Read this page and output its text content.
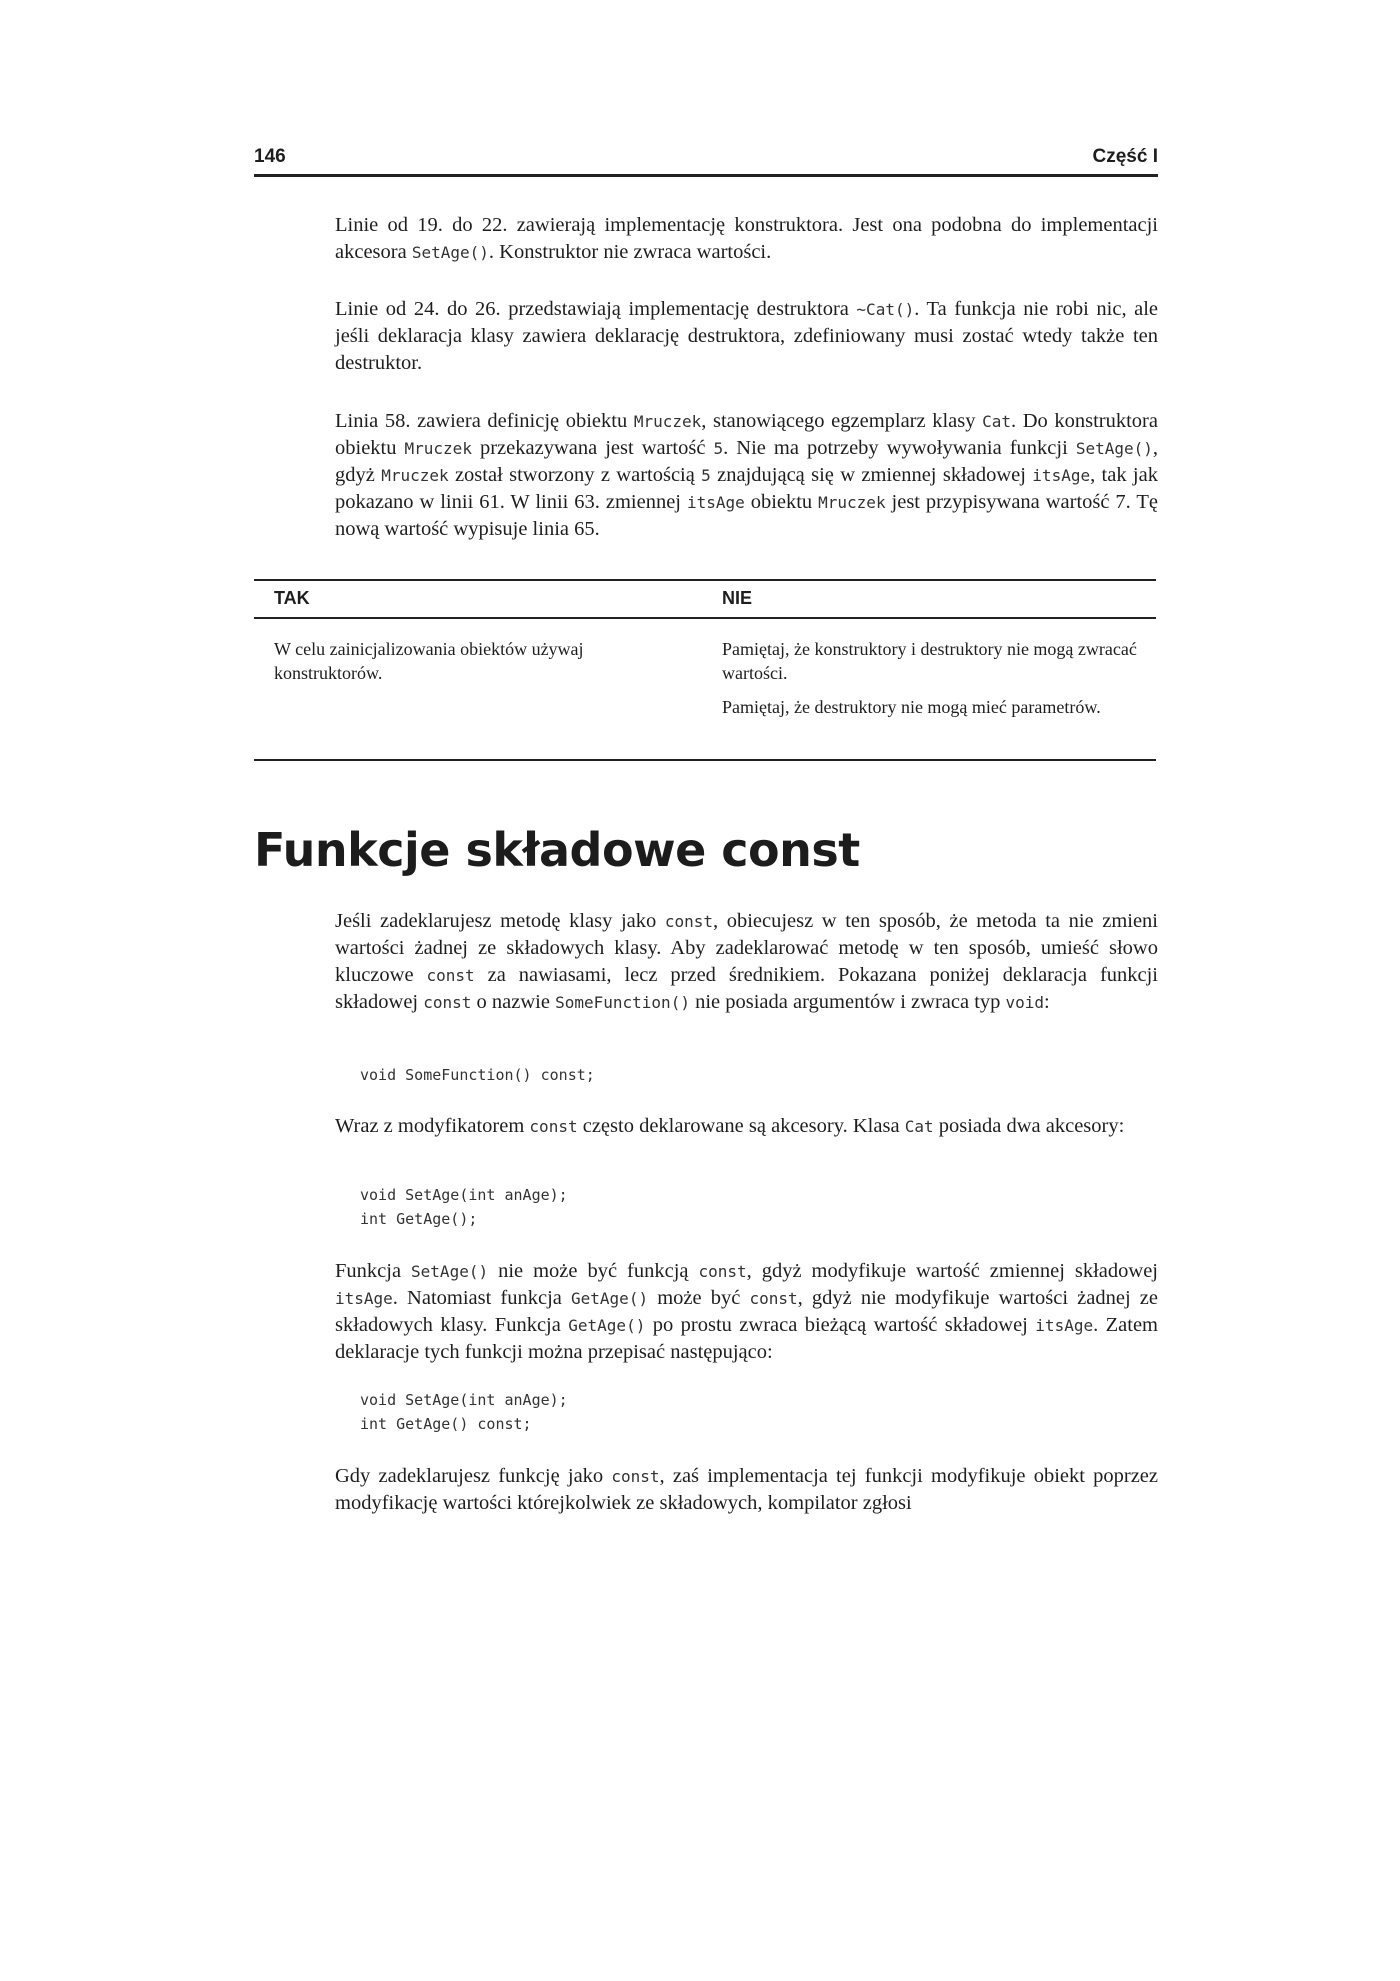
146	Część I

Linie od 19. do 22. zawierają implementację konstruktora. Jest ona podobna do implementacji akcesora SetAge(). Konstruktor nie zwraca wartości.

Linie od 24. do 26. przedstawiają implementację destruktora ~Cat(). Ta funkcja nie robi nic, ale jeśli deklaracja klasy zawiera deklarację destruktora, zdefiniowany musi zostać wtedy także ten destruktor.

Linia 58. zawiera definicję obiektu Mruczek, stanowiącego egzemplarz klasy Cat. Do konstruktora obiektu Mruczek przekazywana jest wartość 5. Nie ma potrzeby wywoływania funkcji SetAge(), gdyż Mruczek został stworzony z wartością 5 znajdującą się w zmiennej składowej itsAge, tak jak pokazano w linii 61. W linii 63. zmiennej itsAge obiektu Mruczek jest przypisywana wartość 7. Tę nową wartość wypisuje linia 65.

TAK	NIE

W celu zainicjalizowania obiektów używaj konstruktorów.

Pamiętaj, że konstruktory i destruktory nie mogą zwracać wartości.

Pamiętaj, że destruktory nie mogą mieć parametrów.

Funkcje składowe const

Jeśli zadeklarujesz metodę klasy jako const, obiecujesz w ten sposób, że metoda ta nie zmieni wartości żadnej ze składowych klasy. Aby zadeklarować metodę w ten sposób, umieść słowo kluczowe const za nawiasami, lecz przed średnikiem. Pokazana poniżej deklaracja funkcji składowej const o nazwie SomeFunction() nie posiada argumentów i zwraca typ void:

void SomeFunction() const;

Wraz z modyfikatorem const często deklarowane są akcesory. Klasa Cat posiada dwa akcesory:

void SetAge(int anAge);
int GetAge();

Funkcja SetAge() nie może być funkcją const, gdyż modyfikuje wartość zmiennej składowej itsAge. Natomiast funkcja GetAge() może być const, gdyż nie modyfikuje wartości żadnej ze składowych klasy. Funkcja GetAge() po prostu zwraca bieżącą wartość składowej itsAge. Zatem deklaracje tych funkcji można przepisać następująco:

void SetAge(int anAge);
int GetAge() const;

Gdy zadeklarujesz funkcję jako const, zaś implementacja tej funkcji modyfikuje obiekt poprzez modyfikację wartości którejkolwiek ze składowych, kompilator zgłosi
